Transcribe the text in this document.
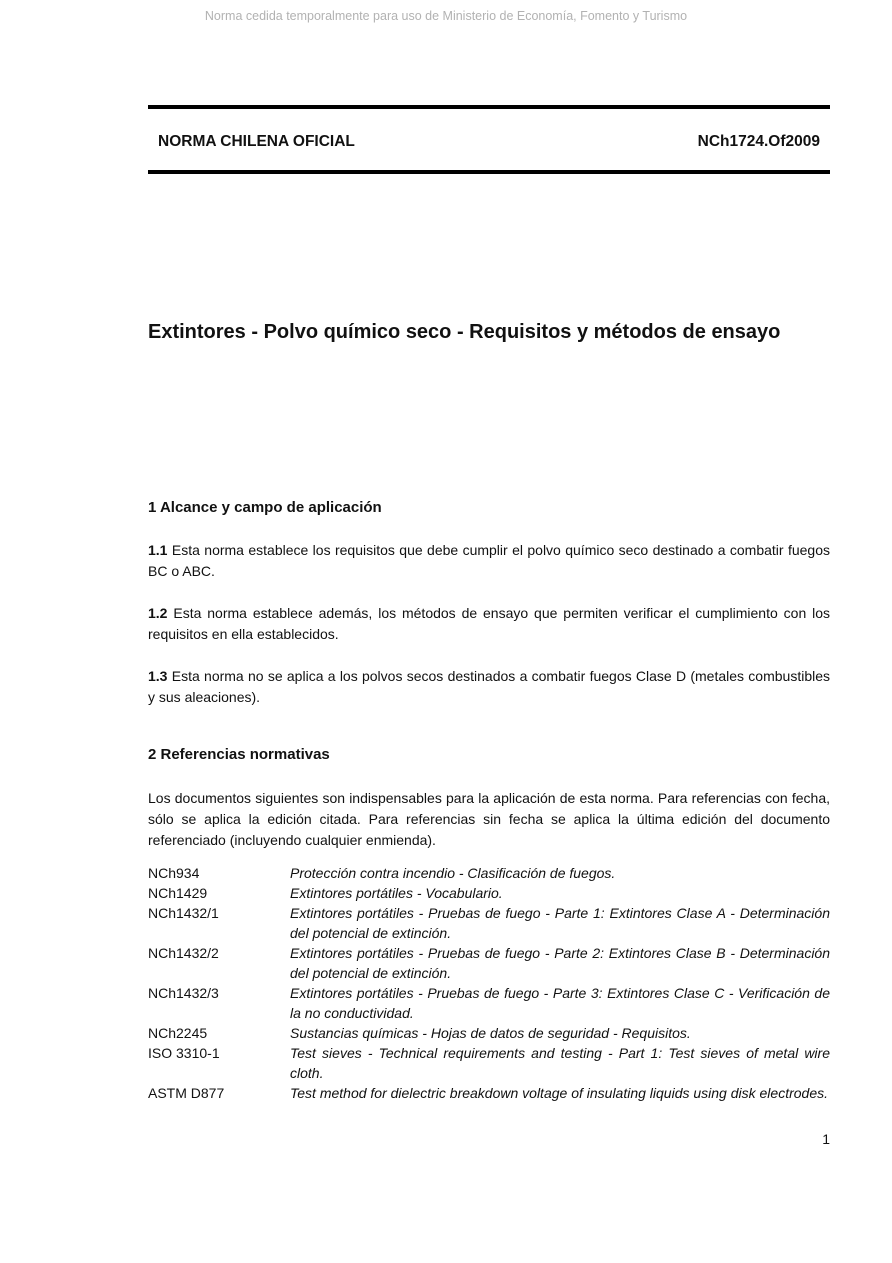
Norma cedida temporalmente para uso de Ministerio de Economía, Fomento y Turismo
NORMA CHILENA OFICIAL	NCh1724.Of2009
Extintores - Polvo químico seco - Requisitos y métodos de ensayo
1 Alcance y campo de aplicación

1.1 Esta norma establece los requisitos que debe cumplir el polvo químico seco destinado a combatir fuegos BC o ABC.

1.2 Esta norma establece además, los métodos de ensayo que permiten verificar el cumplimiento con los requisitos en ella establecidos.

1.3 Esta norma no se aplica a los polvos secos destinados a combatir fuegos Clase D (metales combustibles y sus aleaciones).

2 Referencias normativas

Los documentos siguientes son indispensables para la aplicación de esta norma. Para referencias con fecha, sólo se aplica la edición citada. Para referencias sin fecha se aplica la última edición del documento referenciado (incluyendo cualquier enmienda).

NCh934	Protección contra incendio - Clasificación de fuegos.
NCh1429	Extintores portátiles - Vocabulario.
NCh1432/1	Extintores portátiles - Pruebas de fuego - Parte 1: Extintores Clase A - Determinación del potencial de extinción.
NCh1432/2	Extintores portátiles - Pruebas de fuego - Parte 2: Extintores Clase B - Determinación del potencial de extinción.
NCh1432/3	Extintores portátiles - Pruebas de fuego - Parte 3: Extintores Clase C - Verificación de la no conductividad.
NCh2245	Sustancias químicas - Hojas de datos de seguridad - Requisitos.
ISO 3310-1	Test sieves - Technical requirements and testing - Part 1: Test sieves of metal wire cloth.
ASTM D877	Test method for dielectric breakdown voltage of insulating liquids using disk electrodes.
1
